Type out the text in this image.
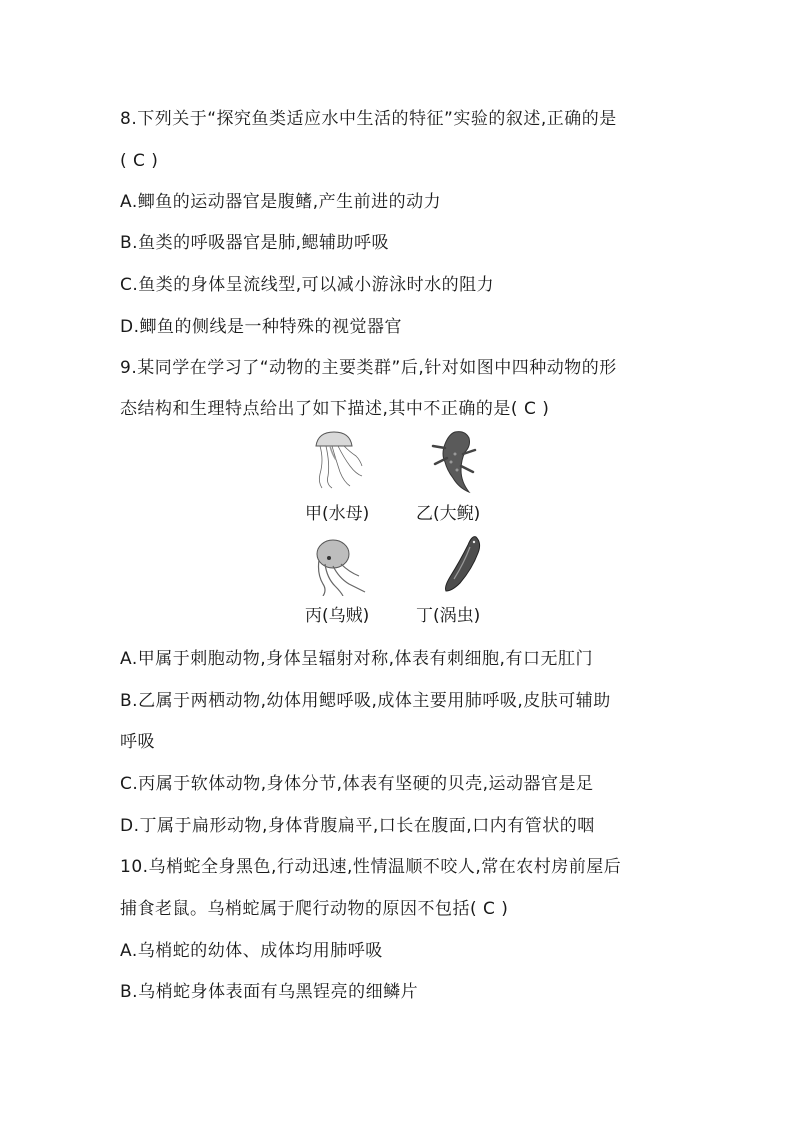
8.下列关于“探究鱼类适应水中生活的特征”实验的叙述,正确的是
( C )
A.鲫鱼的运动器官是腹鳍,产生前进的动力
B.鱼类的呼吸器官是肺,鳃辅助呼吸
C.鱼类的身体呈流线型,可以减小游泳时水的阻力
D.鲫鱼的侧线是一种特殊的视觉器官
9.某同学在学习了“动物的主要类群”后,针对如图中四种动物的形
态结构和生理特点给出了如下描述,其中不正确的是( C )
甲(水母)	乙(大鲵)
丙(乌贼)	丁(涡虫)
A.甲属于刺胞动物,身体呈辐射对称,体表有刺细胞,有口无肛门
B.乙属于两栖动物,幼体用鳃呼吸,成体主要用肺呼吸,皮肤可辅助
呼吸
C.丙属于软体动物,身体分节,体表有坚硬的贝壳,运动器官是足
D.丁属于扁形动物,身体背腹扁平,口长在腹面,口内有管状的咽
10.乌梢蛇全身黑色,行动迅速,性情温顺不咬人,常在农村房前屋后
捕食老鼠。乌梢蛇属于爬行动物的原因不包括( C )
A.乌梢蛇的幼体、成体均用肺呼吸
B.乌梢蛇身体表面有乌黑锃亮的细鳞片
